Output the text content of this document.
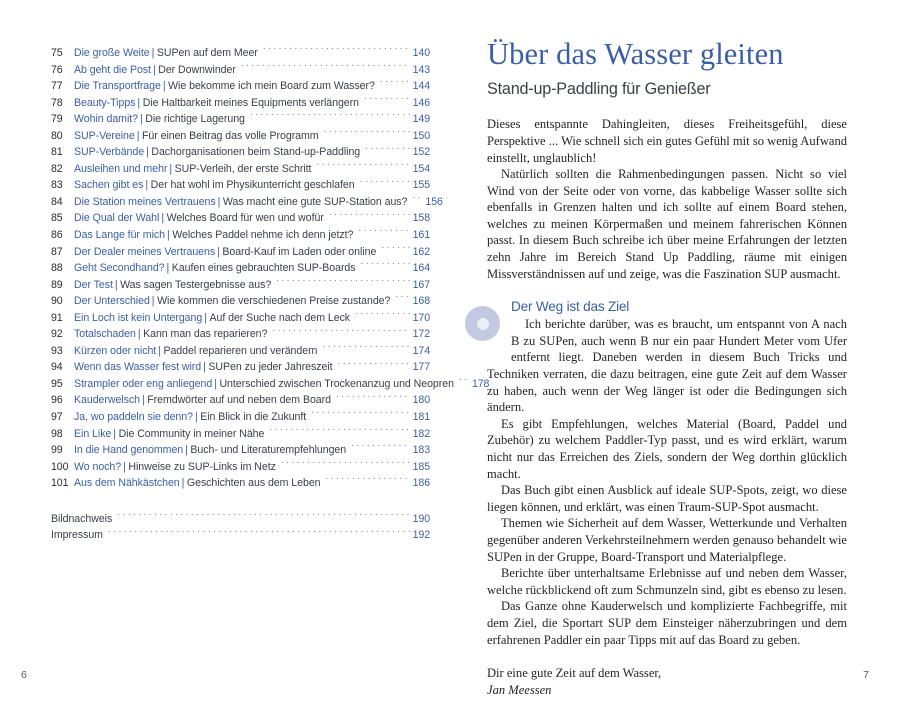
75	Die große Weite | SUPen auf dem Meer . . .	140
76	Ab geht die Post | Der Downwinder . . .	143
77	Die Transportfrage | Wie bekomme ich mein Board zum Wasser? . . .	144
78	Beauty-Tipps | Die Haltbarkeit meines Equipments verlängern . . .	146
79	Wohin damit? | Die richtige Lagerung . . .	149
80	SUP-Vereine | Für einen Beitrag das volle Programm . . .	150
81	SUP-Verbände | Dachorganisationen beim Stand-up-Paddling . . .	152
82	Ausleihen und mehr | SUP-Verleih, der erste Schritt . . .	154
83	Sachen gibt es | Der hat wohl im Physikunterricht geschlafen . . .	155
84	Die Station meines Vertrauens | Was macht eine gute SUP-Station aus? . . . 156
85	Die Qual der Wahl | Welches Board für wen und wofür . . .	158
86	Das Lange für mich | Welches Paddel nehme ich denn jetzt? . . .	161
87	Der Dealer meines Vertrauens | Board-Kauf im Laden oder online . . .	162
88	Geht Secondhand? | Kaufen eines gebrauchten SUP-Boards . . .	164
89	Der Test | Was sagen Testergebnisse aus? . . .	167
90	Der Unterschied | Wie kommen die verschiedenen Preise zustande? . . . 168
91	Ein Loch ist kein Untergang | Auf der Suche nach dem Leck . . .	170
92	Totalschaden | Kann man das reparieren? . . .	172
93	Kürzen oder nicht | Paddel reparieren und verändern . . .	174
94	Wenn das Wasser fest wird | SUPen zu jeder Jahreszeit . . .	177
95	Strampler oder eng anliegend | Unterschied zwischen Trockenanzug und Neopren . . . 178
96	Kauderwelsch | Fremdwörter auf und neben dem Board . . .	180
97	Ja, wo paddeln sie denn? | Ein Blick in die Zukunft . . .	181
98	Ein Like | Die Community in meiner Nähe . . .	182
99	In die Hand genommen | Buch- und Literaturempfehlungen . . .	183
100 Wo noch? | Hinweise zu SUP-Links im Netz . . .	185
101 Aus dem Nähkästchen | Geschichten aus dem Leben . . .	186
Bildnachweis . . .	190
Impressum . . .	192
6
Über das Wasser gleiten
Stand-up-Paddling für Genießer

Dieses entspannte Dahingleiten, dieses Freiheitsgefühl, diese Perspektive ... Wie schnell sich ein gutes Gefühl mit so wenig Aufwand einstellt, unglaublich!

Natürlich sollten die Rahmenbedingungen passen. Nicht so viel Wind von der Seite oder von vorne, das kabbelige Wasser sollte sich ebenfalls in Grenzen halten und ich sollte auf einem Board stehen, welches zu meinen Körpermaßen und meinem fahrerischen Können passt. In diesem Buch schreibe ich über meine Erfahrungen der letzten zehn Jahre im Bereich Stand Up Paddling, räume mit einigen Missverständnissen auf und zeige, was die Faszination SUP ausmacht.

Der Weg ist das Ziel

Ich berichte darüber, was es braucht, um entspannt von A nach B zu SUPen, auch wenn B nur ein paar Hundert Meter vom Ufer entfernt liegt. Daneben werden in diesem Buch Tricks und Techniken verraten, die dazu beitragen, eine gute Zeit auf dem Wasser zu haben, auch wenn der Weg länger ist oder die Bedingungen sich ändern.

Es gibt Empfehlungen, welches Material (Board, Paddel und Zubehör) zu welchem Paddler-Typ passt, und es wird erklärt, warum nicht nur das Erreichen des Ziels, sondern der Weg dorthin glücklich macht.

Das Buch gibt einen Ausblick auf ideale SUP-Spots, zeigt, wo diese liegen können, und erklärt, was einen Traum-SUP-Spot ausmacht.

Themen wie Sicherheit auf dem Wasser, Wetterkunde und Verhalten gegenüber anderen Verkehrsteilnehmern werden genauso behandelt wie SUPen in der Gruppe, Board-Transport und Materialpflege.

Berichte über unterhaltsame Erlebnisse auf und neben dem Wasser, welche rückblickend oft zum Schmunzeln sind, gibt es ebenso zu lesen.

Das Ganze ohne Kauderwelsch und komplizierte Fachbegriffe, mit dem Ziel, die Sportart SUP dem Einsteiger näherzubringen und dem erfahrenen Paddler ein paar Tipps mit auf das Board zu geben.

Dir eine gute Zeit auf dem Wasser,
Jan Meessen
7
